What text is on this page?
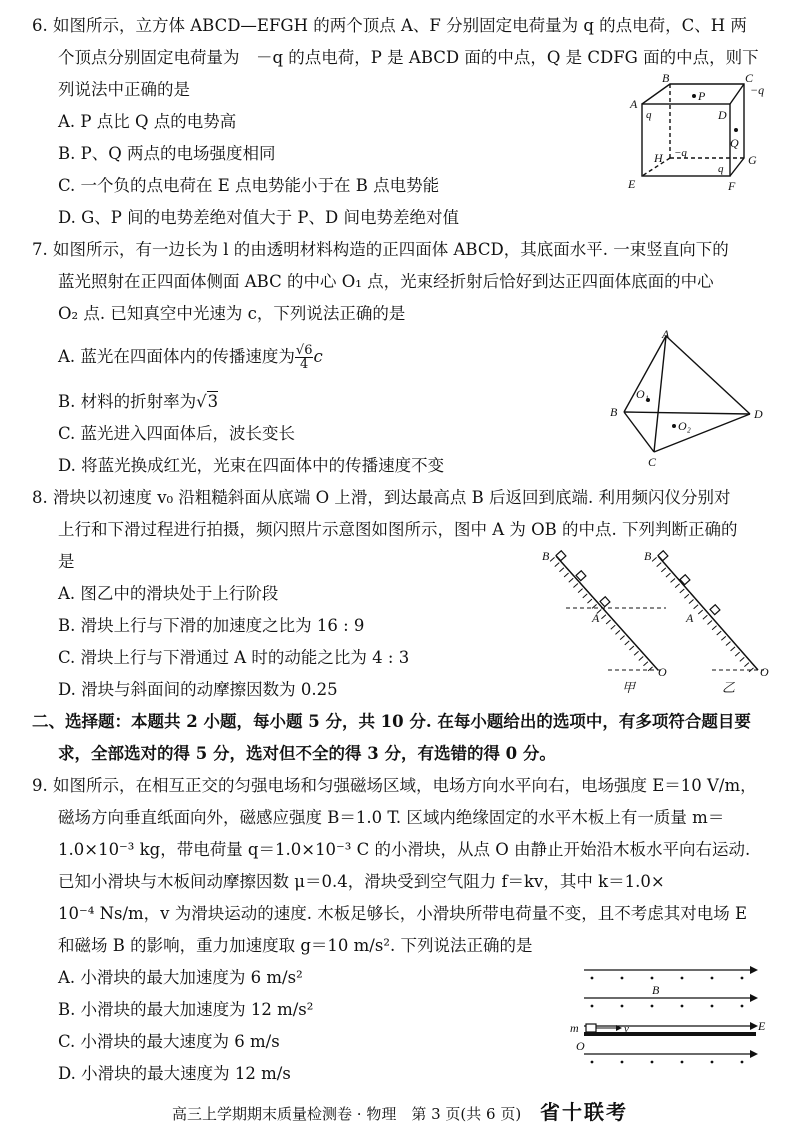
6. 如图所示，立方体 ABCD—EFGH 的两个顶点 A、F 分别固定电荷量为 q 的点电荷，C、H 两
个顶点分别固定电荷量为　－q 的点电荷，P 是 ABCD 面的中点，Q 是 CDFG 面的中点，则下
列说法中正确的是
A. P 点比 Q 点的电势高
B. P、Q 两点的电场强度相同
C. 一个负的点电荷在 E 点电势能小于在 B 点电势能
D. G、P 间的电势差绝对值大于 P、D 间电势差绝对值
B	C
−q
P
A
q	D
Q
H −q	G
E
q
F
7. 如图所示，有一边长为 l 的由透明材料构造的正四面体 ABCD，其底面水平. 一束竖直向下的
蓝光照射在正四面体侧面 ABC 的中心 O₁ 点，光束经折射后恰好到达正四面体底面的中心
O₂ 点. 已知真空中光速为 c，下列说法正确的是
A. 蓝光在四面体内的传播速度为 $\frac{√6}{4}$ c
B. 材料的折射率为√3
C. 蓝光进入四面体后，波长变长
D. 将蓝光换成红光，光束在四面体中的传播速度不变
A
B
C
D
O₁
O₂
8. 滑块以初速度 v₀ 沿粗糙斜面从底端 O 上滑，到达最高点 B 后返回到底端. 利用频闪仪分别对
上行和下滑过程进行拍摄，频闪照片示意图如图所示，图中 A 为 OB 的中点. 下列判断正确的
是
A. 图乙中的滑块处于上行阶段
B. 滑块上行与下滑的加速度之比为 16 : 9
C. 滑块上行与下滑通过 A 时的动能之比为 4 : 3
D. 滑块与斜面间的动摩擦因数为 0.25
B
A
O
甲
B
A
O
乙
二、选择题：本题共 2 小题，每小题 5 分，共 10 分. 在每小题给出的选项中，有多项符合题目要
求，全部选对的得 5 分，选对但不全的得 3 分，有选错的得 0 分。
9. 如图所示，在相互正交的匀强电场和匀强磁场区域，电场方向水平向右，电场强度 E＝10 V/m，
磁场方向垂直纸面向外，磁感应强度 B＝1.0 T. 区域内绝缘固定的水平木板上有一质量 m＝
1.0×10⁻³ kg，带电荷量 q＝1.0×10⁻³ C 的小滑块，从点 O 由静止开始沿木板水平向右运动.
已知小滑块与木板间动摩擦因数 μ＝0.4，滑块受到空气阻力 f＝kv，其中 k＝1.0×
10⁻⁴ Ns/m，v 为滑块运动的速度. 木板足够长，小滑块所带电荷量不变，且不考虑其对电场 E
和磁场 B 的影响，重力加速度取 g＝10 m/s². 下列说法正确的是
A. 小滑块的最大加速度为 6 m/s²
B. 小滑块的最大加速度为 12 m/s²
C. 小滑块的最大速度为 6 m/s
D. 小滑块的最大速度为 12 m/s
B
E
m	v
O
高三上学期期末质量检测卷 · 物理　第 3 页(共 6 页) 省十联考
